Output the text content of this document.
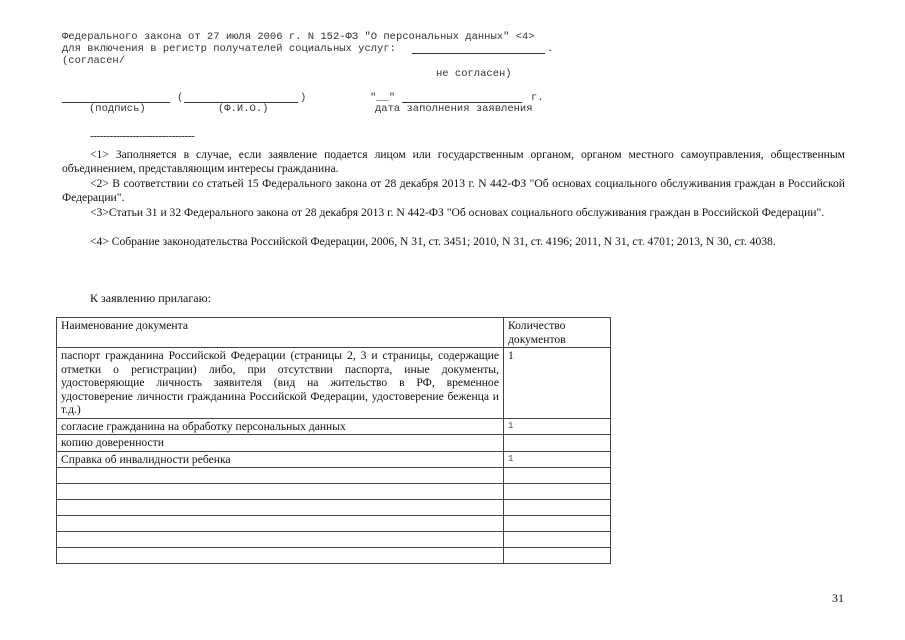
Федерального закона от 27 июля 2006 г. N 152-ФЗ "О персональных данных" <4>
для включения в регистр получателей социальных услуг:	.
(согласен/
не согласен)
(	)	"__"	г.
(подпись)	(Ф.И.О.)	дата заполнения заявления
--------------------------------
<1> Заполняется в случае, если заявление подается лицом или государственным органом, органом местного самоуправления, общественным объединением, представляющим интересы гражданина.
<2> В соответствии со статьей 15 Федерального закона от 28 декабря 2013 г. N 442-ФЗ "Об основах социального обслуживания граждан в Российской Федерации".
<3>Статьи 31 и 32 Федерального закона от 28 декабря 2013 г. N 442-ФЗ "Об основах социального обслуживания граждан в Российской Федерации".
<4> Собрание законодательства Российской Федерации, 2006, N 31, ст. 3451; 2010, N 31, ст. 4196; 2011, N 31, ст. 4701; 2013, N 30, ст. 4038.
К заявлению прилагаю:
Наименование документа	Количество документов
паспорт гражданина Российской Федерации (страницы 2, 3 и страницы, содержащие отметки о регистрации) либо, при отсутствии паспорта, иные документы, удостоверяющие личность заявителя (вид на жительство в РФ, временное удостоверение личности гражданина Российской Федерации, удостоверение беженца и т.д.)	1
согласие гражданина на обработку персональных данных	1
копию доверенности	
Справка об инвалидности ребенка	1

31
